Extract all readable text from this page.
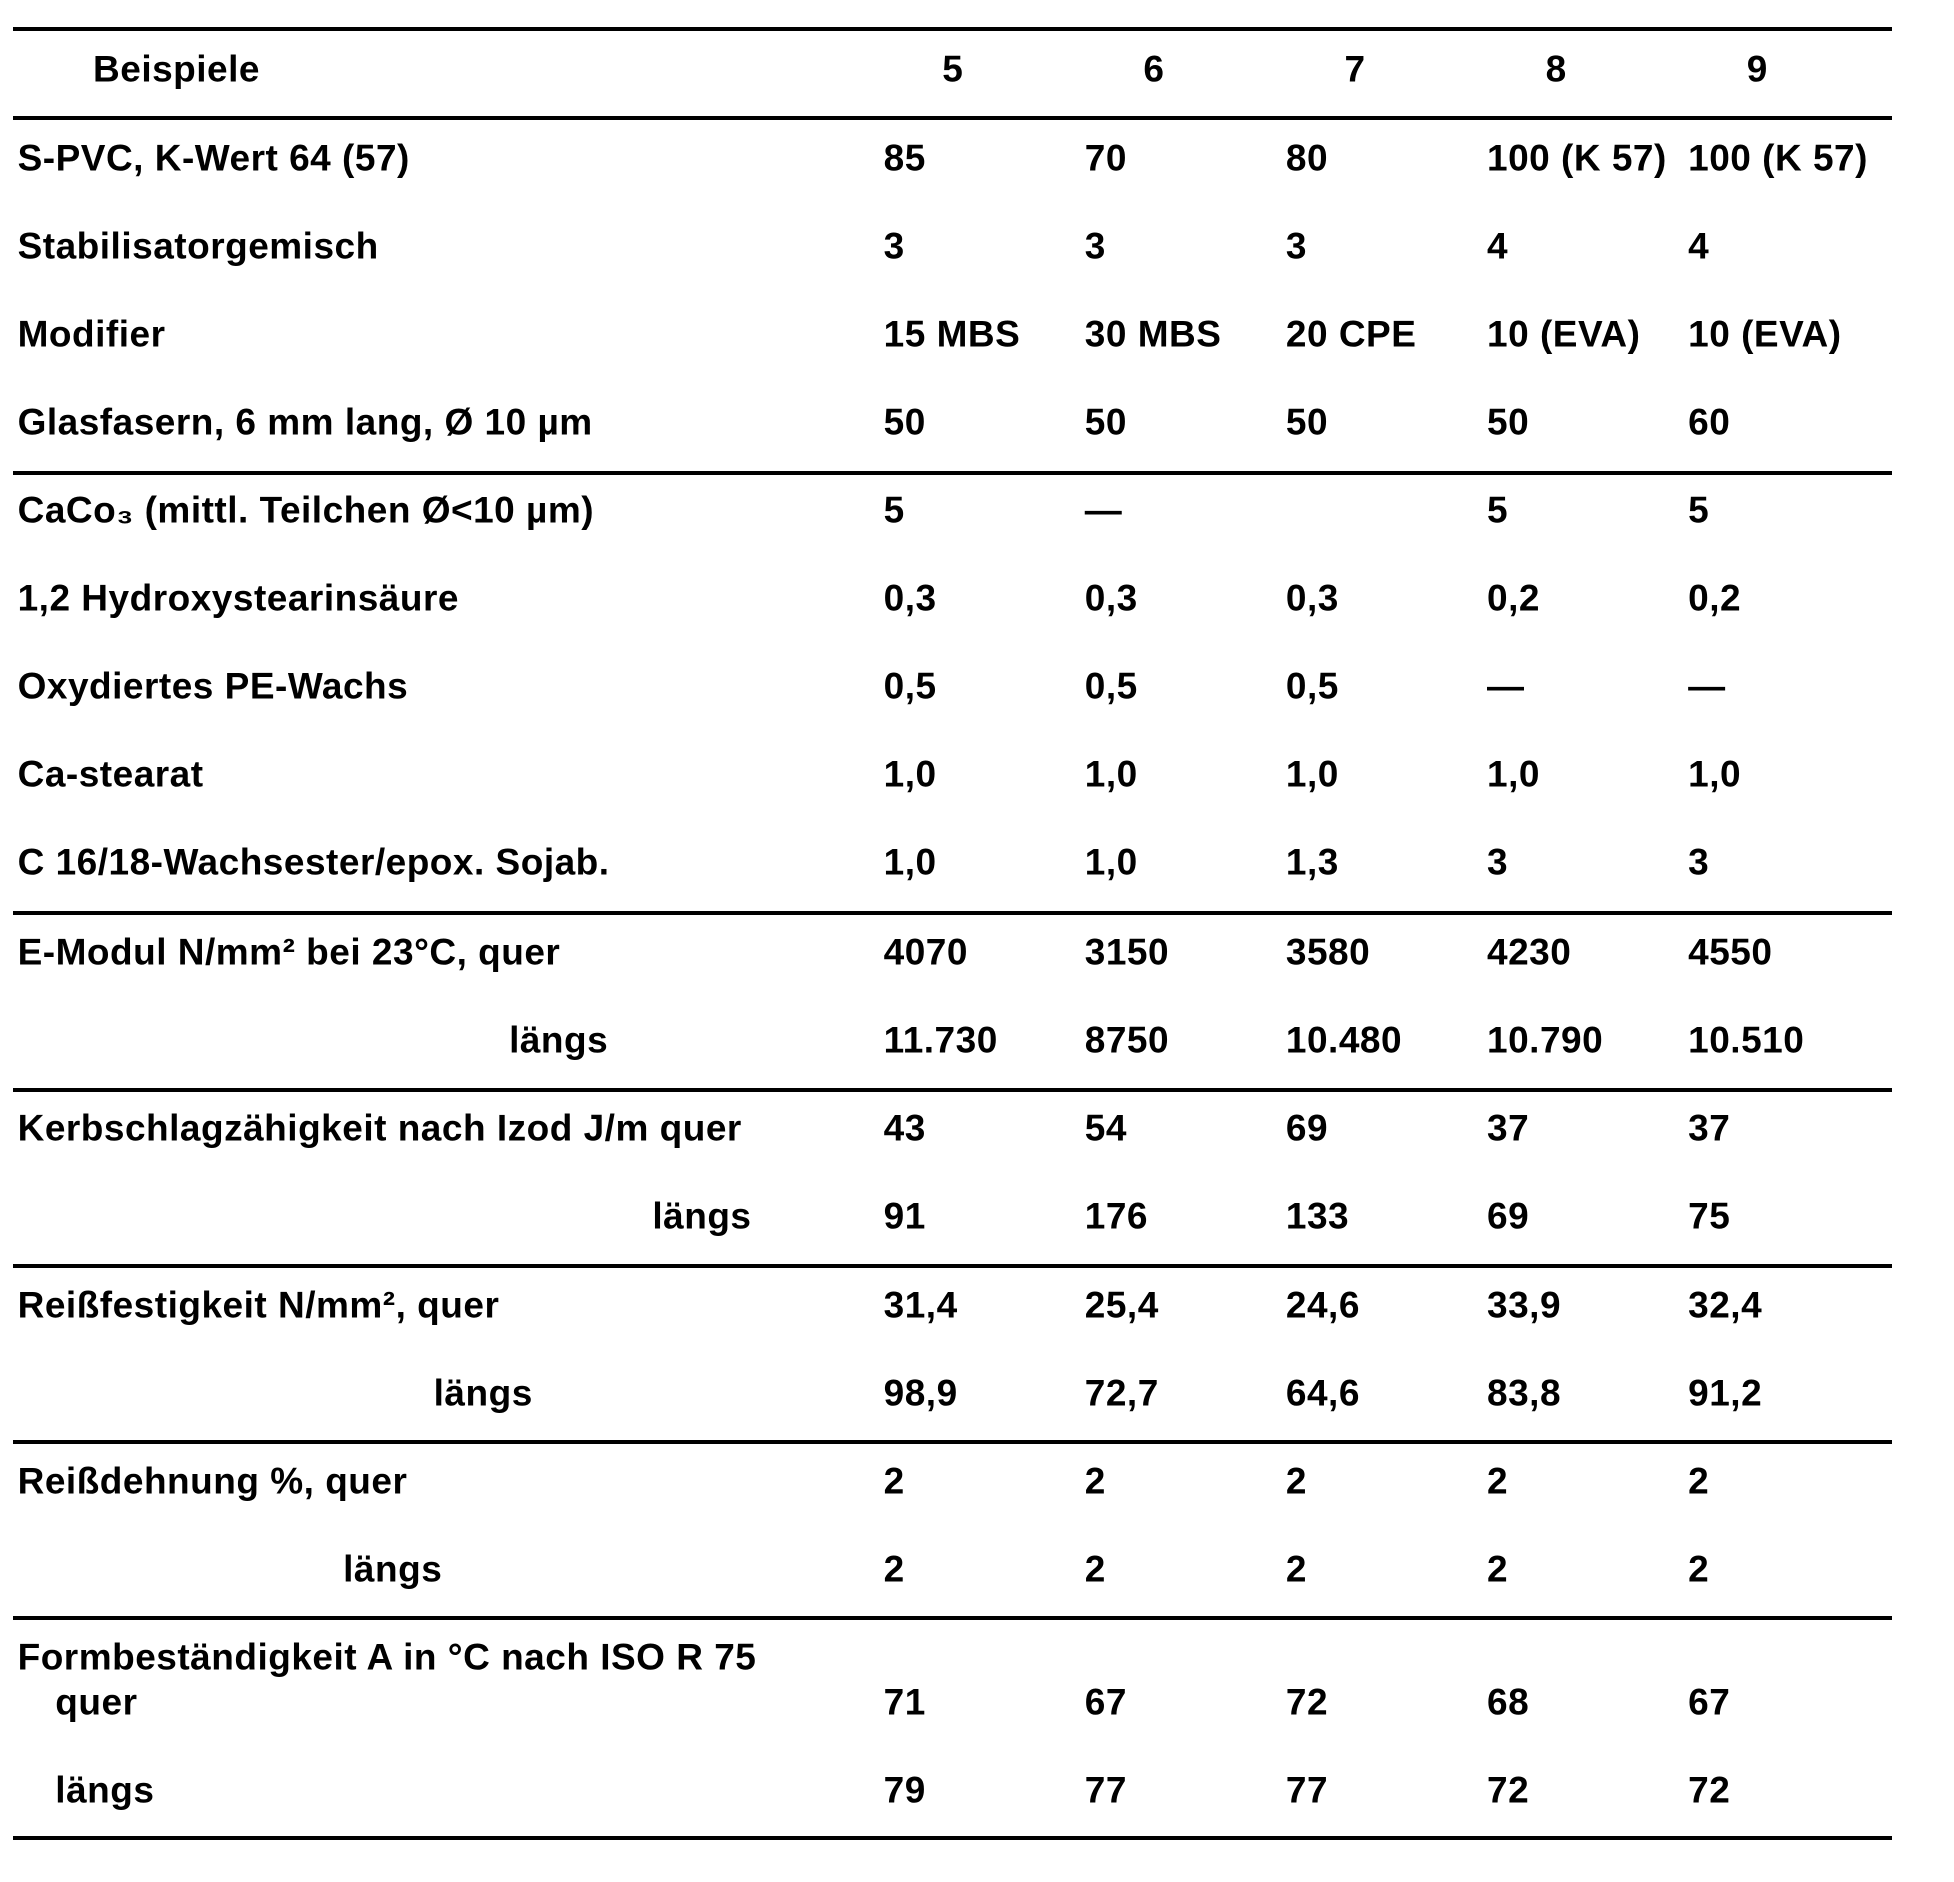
Beispiele	5	6	7	8	9
S-PVC, K-Wert 64 (57)	85	70	80	100 (K 57) 100 (K 57)
Stabilisatorgemisch	3	3	3	4	4
Modifier	15 MBS 30 MBS 20 CPE 10 (EVA) 10 (EVA)
Glasfasern, 6 mm lang, Ø 10 µm	50	50	50	50	60
CaCo₃ (mittl. Teilchen Ø<10 µm)	5	—	5	5
1,2 Hydroxystearinsäure	0,3	0,3	0,3	0,2	0,2
Oxydiertes PE-Wachs	0,5	0,5	0,5	—	—
Ca-stearat	1,0	1,0	1,0	1,0	1,0
C 16/18-Wachsester/epox. Sojab.	1,0	1,0	1,3	3	3
E-Modul N/mm² bei 23°C, quer	4070	3150	3580	4230	4550
längs	11.730 8750	10.480 10.790 10.510
Kerbschlagzähigkeit nach Izod J/m quer	43	54	69	37	37
längs	91	176	133	69	75
Reißfestigkeit N/mm², quer	31,4	25,4	24,6	33,9	32,4
längs	98,9	72,7	64,6	83,8	91,2
Reißdehnung %, quer	2	2	2	2	2
längs	2	2	2	2	2
Formbeständigkeit A in °C nach ISO R 75
quer	71	67	72	68	67
längs	79	77	77	72	72
